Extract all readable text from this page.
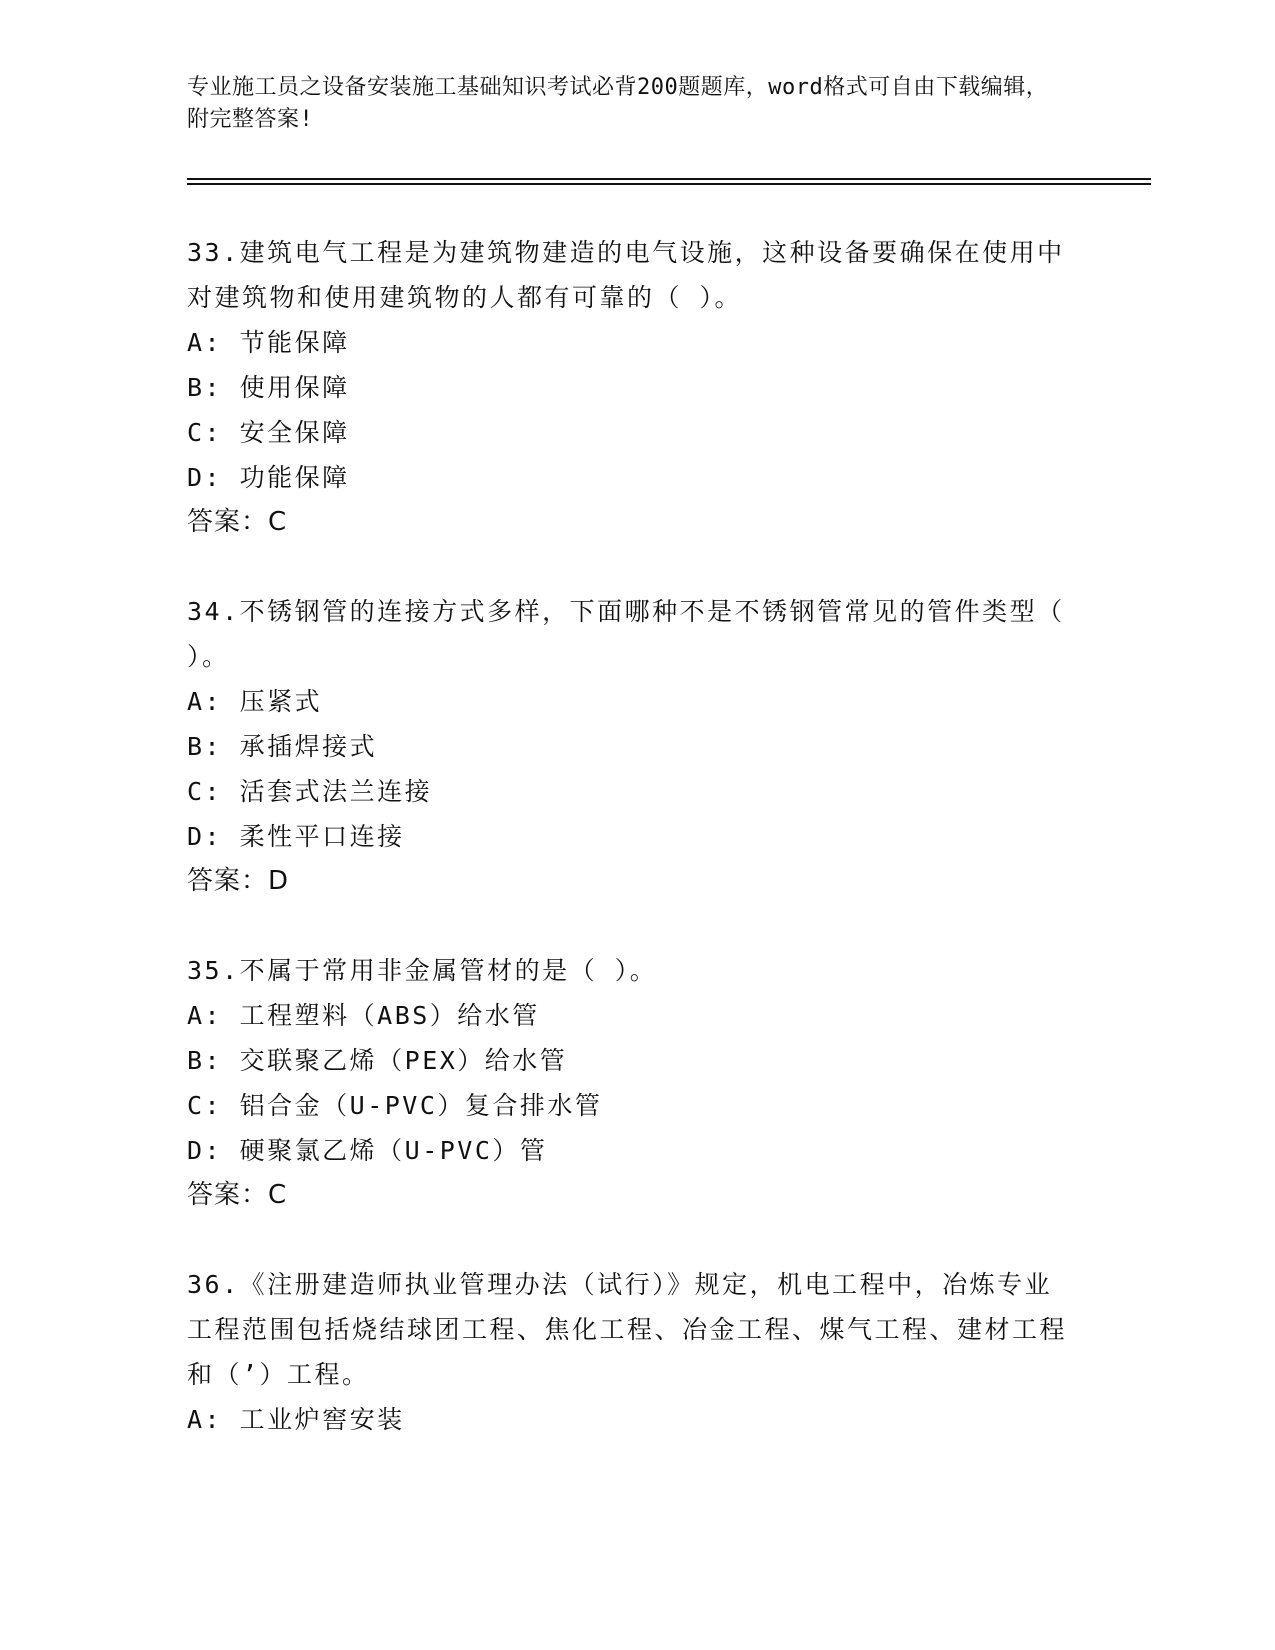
专业施工员之设备安装施工基础知识考试必背200题题库，word格式可自由下载编辑，附完整答案!
33.建筑电气工程是为建筑物建造的电气设施，这种设备要确保在使用中对建筑物和使用建筑物的人都有可靠的（ ）。
A: 节能保障
B: 使用保障
C: 安全保障
D: 功能保障
答案：C
34.不锈钢管的连接方式多样，下面哪种不是不锈钢管常见的管件类型（ ）。
A: 压紧式
B: 承插焊接式
C: 活套式法兰连接
D: 柔性平口连接
答案：D
35.不属于常用非金属管材的是（ ）。
A: 工程塑料（ABS）给水管
B: 交联聚乙烯（PEX）给水管
C: 铝合金（U-PVC）复合排水管
D: 硬聚氯乙烯（U-PVC）管
答案：C
36.《注册建造师执业管理办法（试行）》规定，机电工程中，冶炼专业工程范围包括烧结球团工程、焦化工程、冶金工程、煤气工程、建材工程和（’）工程。
A: 工业炉窖安装
